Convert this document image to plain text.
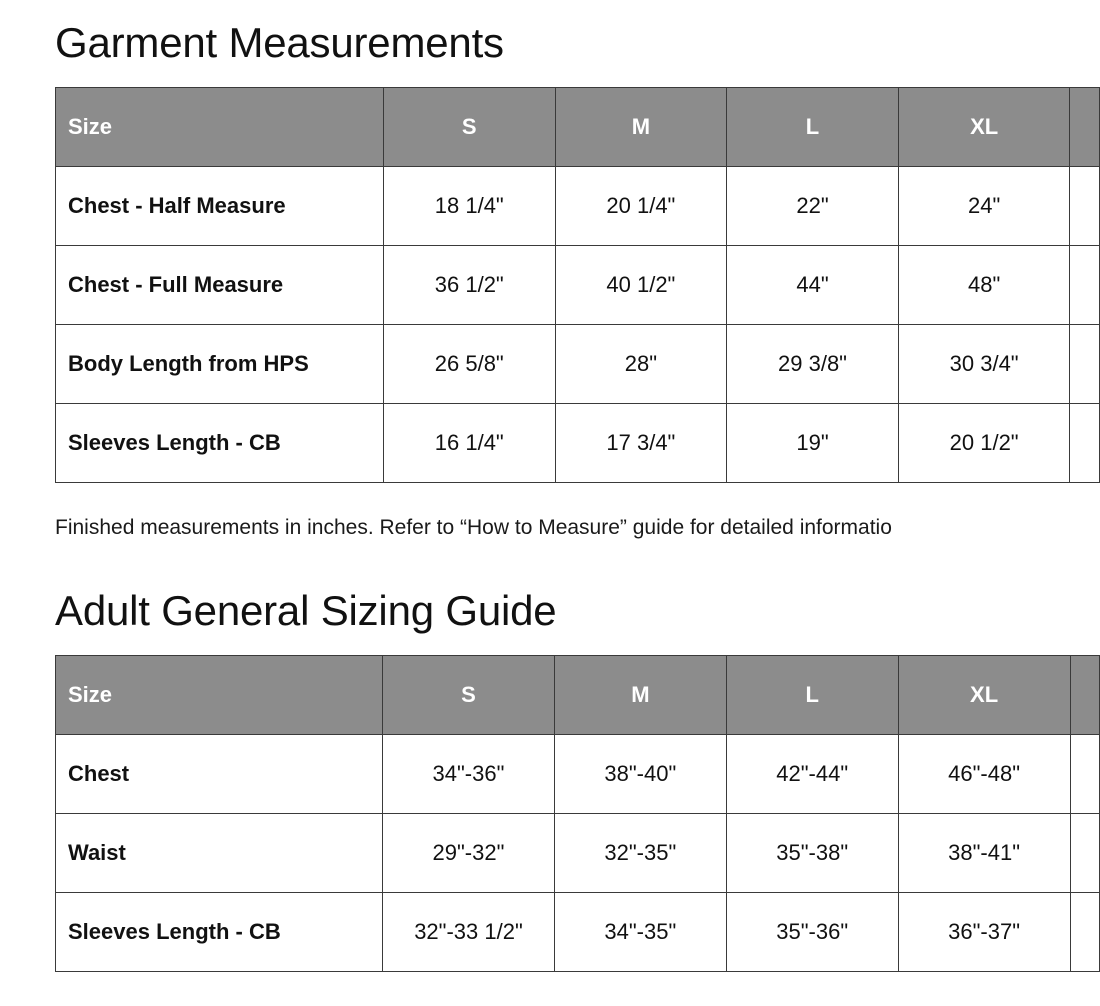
Garment Measurements
Size	S	M	L	XL	
Chest - Half Measure	18 1/4"	20 1/4"	22"	24"	
Chest - Full Measure	36 1/2"	40 1/2"	44"	48"	
Body Length from HPS	26 5/8"	28"	29 3/8"	30 3/4"	
Sleeves Length - CB	16 1/4"	17 3/4"	19"	20 1/2"	
Finished measurements in inches. Refer to “How to Measure” guide for detailed informatio
Adult General Sizing Guide
Size	S	M	L	XL	
Chest	34"-36"	38"-40"	42"-44"	46"-48"	
Waist	29"-32"	32"-35"	35"-38"	38"-41"	
Sleeves Length - CB	32"-33 1/2"	34"-35"	35"-36"	36"-37"	
